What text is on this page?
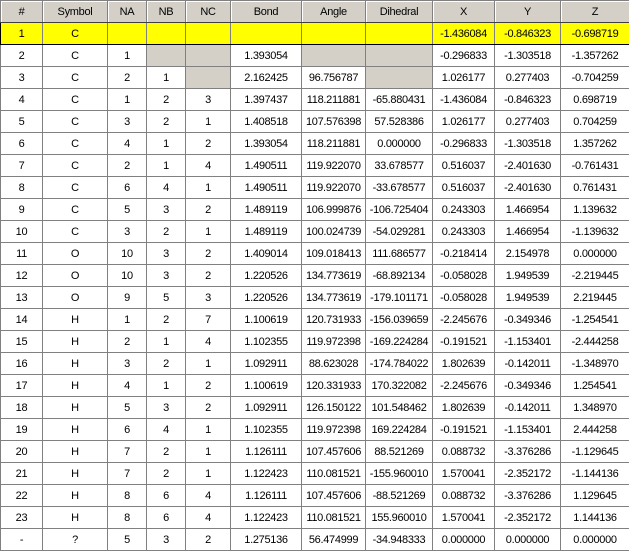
#	Symbol	NA	NB	NC	Bond	Angle	Dihedral	X	Y	Z
1	C							-1.436084	-0.846323	-0.698719
2	C	1			1.393054			-0.296833	-1.303518	-1.357262
3	C	2	1		2.162425	96.756787		1.026177	0.277403	-0.704259
4	C	1	2	3	1.397437	118.211881	-65.880431	-1.436084	-0.846323	0.698719
5	C	3	2	1	1.408518	107.576398	57.528386	1.026177	0.277403	0.704259
6	C	4	1	2	1.393054	118.211881	0.000000	-0.296833	-1.303518	1.357262
7	C	2	1	4	1.490511	119.922070	33.678577	0.516037	-2.401630	-0.761431
8	C	6	4	1	1.490511	119.922070	-33.678577	0.516037	-2.401630	0.761431
9	C	5	3	2	1.489119	106.999876	-106.725404	0.243303	1.466954	1.139632
10	C	3	2	1	1.489119	100.024739	-54.029281	0.243303	1.466954	-1.139632
11	O	10	3	2	1.409014	109.018413	111.686577	-0.218414	2.154978	0.000000
12	O	10	3	2	1.220526	134.773619	-68.892134	-0.058028	1.949539	-2.219445
13	O	9	5	3	1.220526	134.773619	-179.101171	-0.058028	1.949539	2.219445
14	H	1	2	7	1.100619	120.731933	-156.039659	-2.245676	-0.349346	-1.254541
15	H	2	1	4	1.102355	119.972398	-169.224284	-0.191521	-1.153401	-2.444258
16	H	3	2	1	1.092911	88.623028	-174.784022	1.802639	-0.142011	-1.348970
17	H	4	1	2	1.100619	120.331933	170.322082	-2.245676	-0.349346	1.254541
18	H	5	3	2	1.092911	126.150122	101.548462	1.802639	-0.142011	1.348970
19	H	6	4	1	1.102355	119.972398	169.224284	-0.191521	-1.153401	2.444258
20	H	7	2	1	1.126111	107.457606	88.521269	0.088732	-3.376286	-1.129645
21	H	7	2	1	1.122423	110.081521	-155.960010	1.570041	-2.352172	-1.144136
22	H	8	6	4	1.126111	107.457606	-88.521269	0.088732	-3.376286	1.129645
23	H	8	6	4	1.122423	110.081521	155.960010	1.570041	-2.352172	1.144136
-	?	5	3	2	1.275136	56.474999	-34.948333	0.000000	0.000000	0.000000
